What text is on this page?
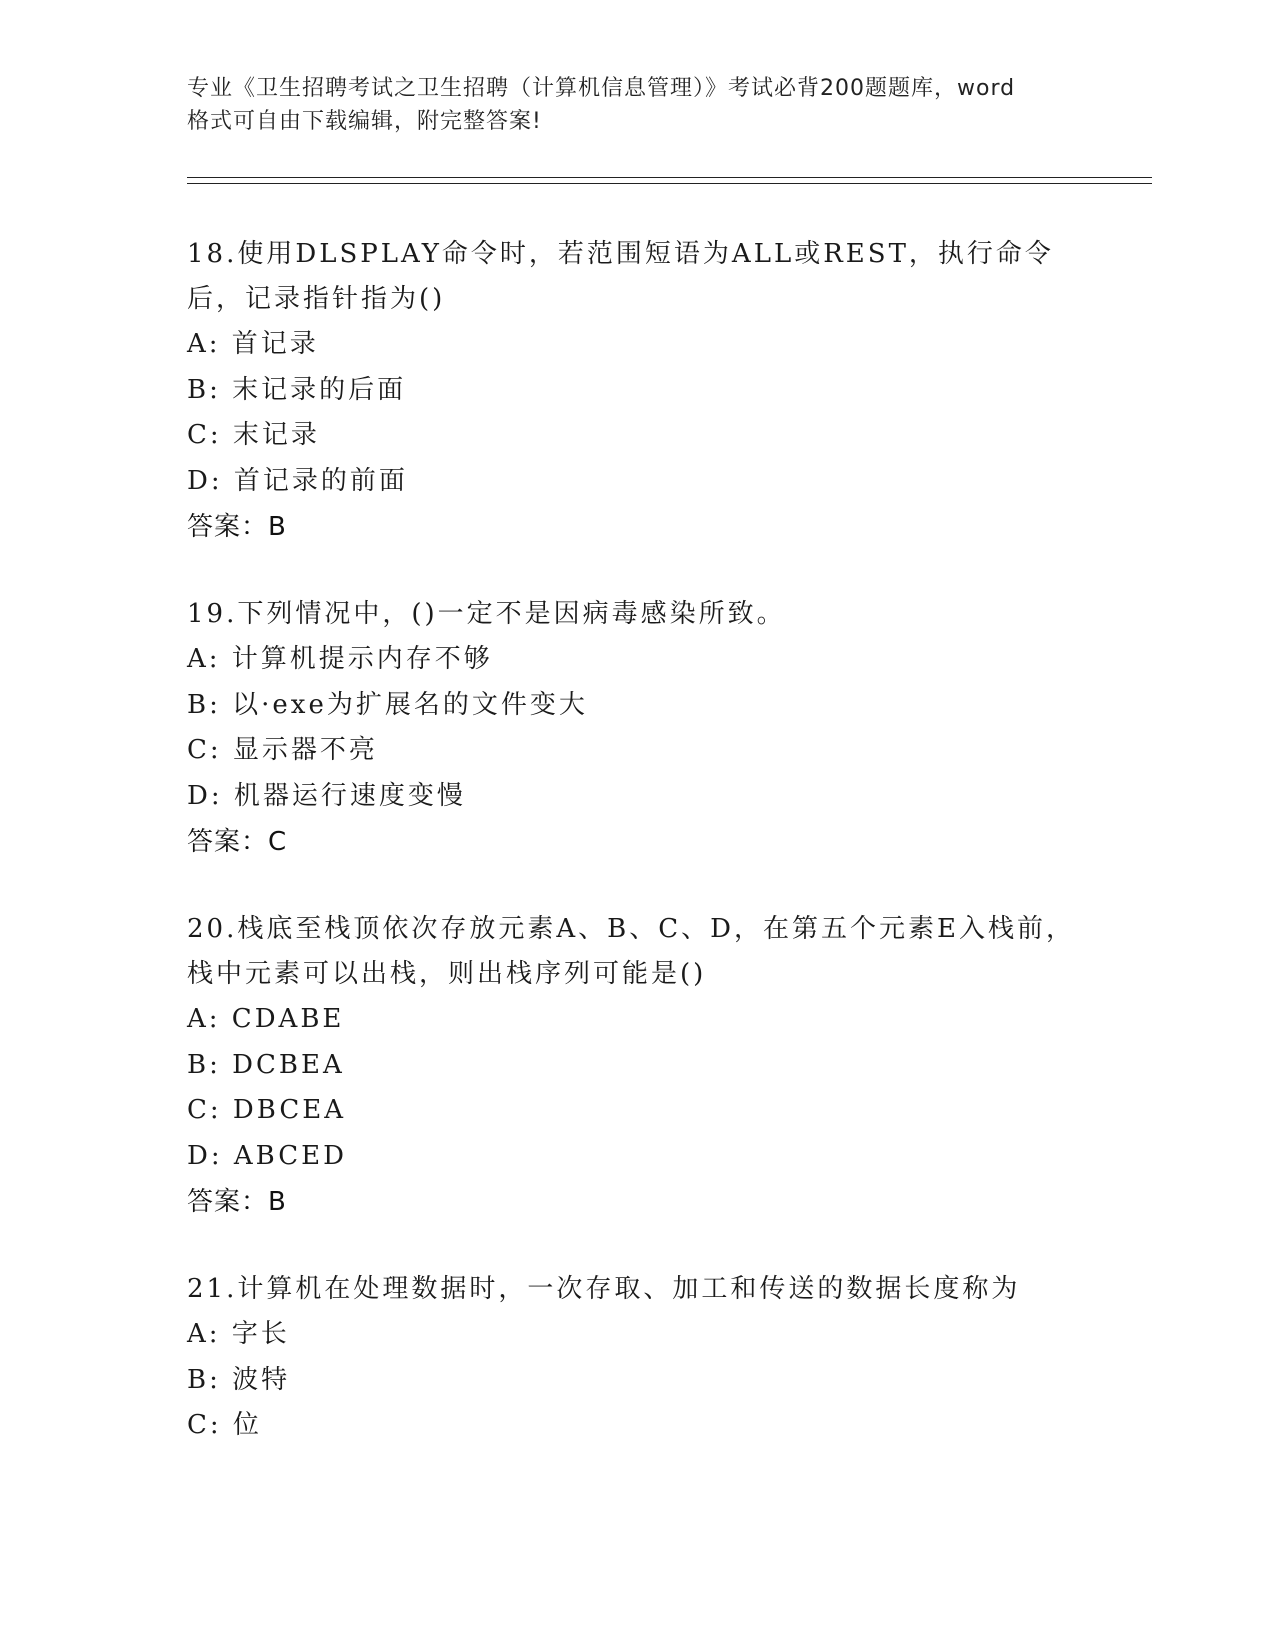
专业《卫生招聘考试之卫生招聘（计算机信息管理）》考试必背200题题库，word
格式可自由下载编辑，附完整答案!
18.使用DLSPLAY命令时，若范围短语为ALL或REST，执行命令后，记录指针指为()
A: 首记录
B: 末记录的后面
C: 末记录
D: 首记录的前面
答案：B
19.下列情况中，()一定不是因病毒感染所致。
A: 计算机提示内存不够
B: 以·exe为扩展名的文件变大
C: 显示器不亮
D: 机器运行速度变慢
答案：C
20.栈底至栈顶依次存放元素A、B、C、D，在第五个元素E入栈前，栈中元素可以出栈，则出栈序列可能是()
A: CDABE
B: DCBEA
C: DBCEA
D: ABCED
答案：B
21.计算机在处理数据时，一次存取、加工和传送的数据长度称为
A: 字长
B: 波特
C: 位
